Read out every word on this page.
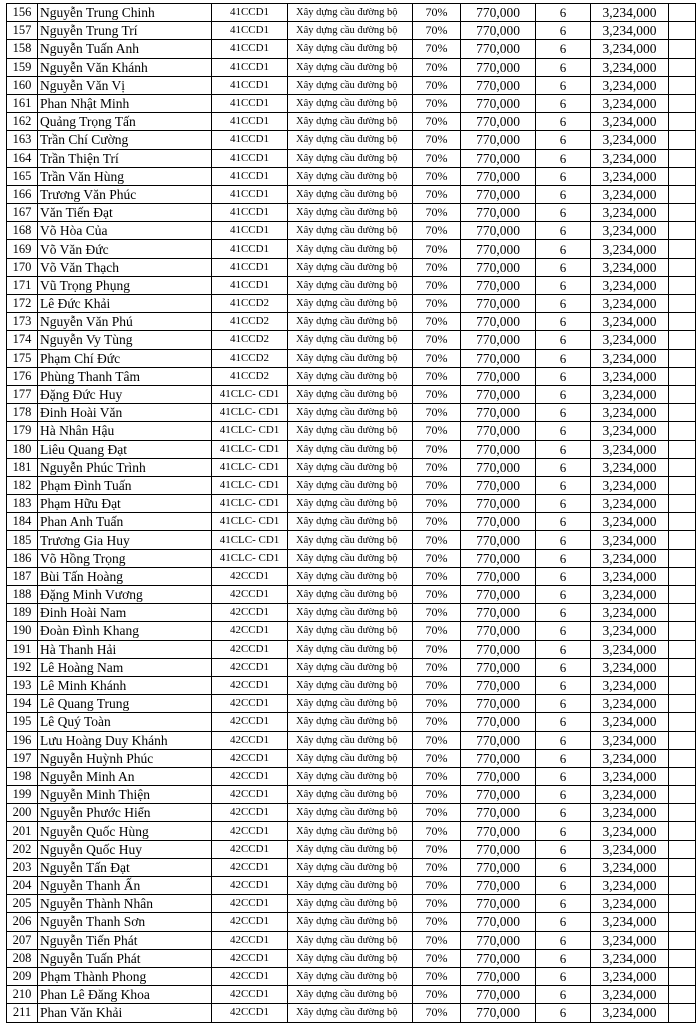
156	Nguyễn Trung Chinh	41CCD1	Xây dựng cầu đường bộ	70%	770,000	6	3,234,000	
157	Nguyễn Trung Trí	41CCD1	Xây dựng cầu đường bộ	70%	770,000	6	3,234,000	
158	Nguyễn Tuấn Anh	41CCD1	Xây dựng cầu đường bộ	70%	770,000	6	3,234,000	
159	Nguyễn Văn Khánh	41CCD1	Xây dựng cầu đường bộ	70%	770,000	6	3,234,000	
160	Nguyễn Văn Vị	41CCD1	Xây dựng cầu đường bộ	70%	770,000	6	3,234,000	
161	Phan Nhật Minh	41CCD1	Xây dựng cầu đường bộ	70%	770,000	6	3,234,000	
162	Quảng Trọng Tấn	41CCD1	Xây dựng cầu đường bộ	70%	770,000	6	3,234,000	
163	Trần Chí Cường	41CCD1	Xây dựng cầu đường bộ	70%	770,000	6	3,234,000	
164	Trần Thiện Trí	41CCD1	Xây dựng cầu đường bộ	70%	770,000	6	3,234,000	
165	Trần Văn Hùng	41CCD1	Xây dựng cầu đường bộ	70%	770,000	6	3,234,000	
166	Trương Văn Phúc	41CCD1	Xây dựng cầu đường bộ	70%	770,000	6	3,234,000	
167	Văn Tiến Đạt	41CCD1	Xây dựng cầu đường bộ	70%	770,000	6	3,234,000	
168	Võ Hòa Của	41CCD1	Xây dựng cầu đường bộ	70%	770,000	6	3,234,000	
169	Võ Văn Đức	41CCD1	Xây dựng cầu đường bộ	70%	770,000	6	3,234,000	
170	Võ Văn Thạch	41CCD1	Xây dựng cầu đường bộ	70%	770,000	6	3,234,000	
171	Vũ Trọng Phụng	41CCD1	Xây dựng cầu đường bộ	70%	770,000	6	3,234,000	
172	Lê Đức Khải	41CCD2	Xây dựng cầu đường bộ	70%	770,000	6	3,234,000	
173	Nguyễn Văn Phú	41CCD2	Xây dựng cầu đường bộ	70%	770,000	6	3,234,000	
174	Nguyễn Vy Tùng	41CCD2	Xây dựng cầu đường bộ	70%	770,000	6	3,234,000	
175	Phạm Chí Đức	41CCD2	Xây dựng cầu đường bộ	70%	770,000	6	3,234,000	
176	Phùng Thanh Tâm	41CCD2	Xây dựng cầu đường bộ	70%	770,000	6	3,234,000	
177	Đặng Đức Huy	41CLC- CD1	Xây dựng cầu đường bộ	70%	770,000	6	3,234,000	
178	Đinh Hoài Văn	41CLC- CD1	Xây dựng cầu đường bộ	70%	770,000	6	3,234,000	
179	Hà Nhân Hậu	41CLC- CD1	Xây dựng cầu đường bộ	70%	770,000	6	3,234,000	
180	Liêu Quang Đạt	41CLC- CD1	Xây dựng cầu đường bộ	70%	770,000	6	3,234,000	
181	Nguyễn Phúc Trình	41CLC- CD1	Xây dựng cầu đường bộ	70%	770,000	6	3,234,000	
182	Phạm Đình Tuấn	41CLC- CD1	Xây dựng cầu đường bộ	70%	770,000	6	3,234,000	
183	Phạm Hữu Đạt	41CLC- CD1	Xây dựng cầu đường bộ	70%	770,000	6	3,234,000	
184	Phan Anh Tuấn	41CLC- CD1	Xây dựng cầu đường bộ	70%	770,000	6	3,234,000	
185	Trương Gia Huy	41CLC- CD1	Xây dựng cầu đường bộ	70%	770,000	6	3,234,000	
186	Võ Hồng Trọng	41CLC- CD1	Xây dựng cầu đường bộ	70%	770,000	6	3,234,000	
187	Bùi Tấn Hoàng	42CCD1	Xây dựng cầu đường bộ	70%	770,000	6	3,234,000	
188	Đặng Minh Vương	42CCD1	Xây dựng cầu đường bộ	70%	770,000	6	3,234,000	
189	Đinh Hoài Nam	42CCD1	Xây dựng cầu đường bộ	70%	770,000	6	3,234,000	
190	Đoàn Đình Khang	42CCD1	Xây dựng cầu đường bộ	70%	770,000	6	3,234,000	
191	Hà Thanh Hải	42CCD1	Xây dựng cầu đường bộ	70%	770,000	6	3,234,000	
192	Lê Hoàng Nam	42CCD1	Xây dựng cầu đường bộ	70%	770,000	6	3,234,000	
193	Lê Minh Khánh	42CCD1	Xây dựng cầu đường bộ	70%	770,000	6	3,234,000	
194	Lê Quang Trung	42CCD1	Xây dựng cầu đường bộ	70%	770,000	6	3,234,000	
195	Lê Quý Toàn	42CCD1	Xây dựng cầu đường bộ	70%	770,000	6	3,234,000	
196	Lưu Hoàng Duy Khánh	42CCD1	Xây dựng cầu đường bộ	70%	770,000	6	3,234,000	
197	Nguyễn Huỳnh Phúc	42CCD1	Xây dựng cầu đường bộ	70%	770,000	6	3,234,000	
198	Nguyễn Minh An	42CCD1	Xây dựng cầu đường bộ	70%	770,000	6	3,234,000	
199	Nguyễn Minh Thiện	42CCD1	Xây dựng cầu đường bộ	70%	770,000	6	3,234,000	
200	Nguyễn Phước Hiển	42CCD1	Xây dựng cầu đường bộ	70%	770,000	6	3,234,000	
201	Nguyễn Quốc Hùng	42CCD1	Xây dựng cầu đường bộ	70%	770,000	6	3,234,000	
202	Nguyễn Quốc Huy	42CCD1	Xây dựng cầu đường bộ	70%	770,000	6	3,234,000	
203	Nguyễn Tấn Đạt	42CCD1	Xây dựng cầu đường bộ	70%	770,000	6	3,234,000	
204	Nguyễn Thanh Ấn	42CCD1	Xây dựng cầu đường bộ	70%	770,000	6	3,234,000	
205	Nguyễn Thành Nhân	42CCD1	Xây dựng cầu đường bộ	70%	770,000	6	3,234,000	
206	Nguyễn Thanh Sơn	42CCD1	Xây dựng cầu đường bộ	70%	770,000	6	3,234,000	
207	Nguyễn Tiến Phát	42CCD1	Xây dựng cầu đường bộ	70%	770,000	6	3,234,000	
208	Nguyễn Tuấn Phát	42CCD1	Xây dựng cầu đường bộ	70%	770,000	6	3,234,000	
209	Phạm Thành Phong	42CCD1	Xây dựng cầu đường bộ	70%	770,000	6	3,234,000	
210	Phan Lê Đăng Khoa	42CCD1	Xây dựng cầu đường bộ	70%	770,000	6	3,234,000	
211	Phan Văn Khải	42CCD1	Xây dựng cầu đường bộ	70%	770,000	6	3,234,000	
